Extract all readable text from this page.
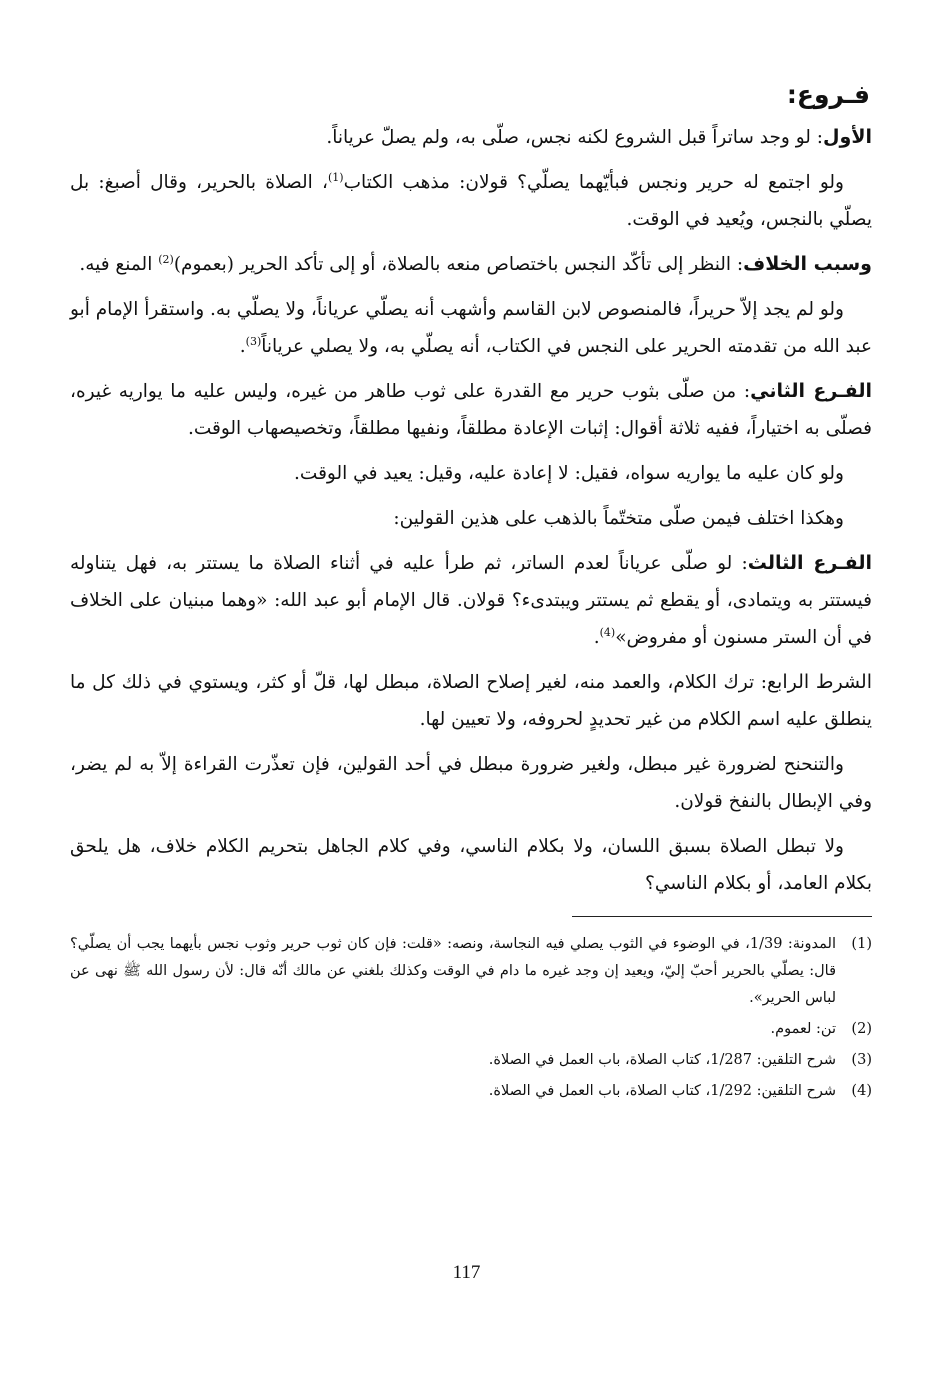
فـروع:

الأول: لو وجد ساتراً قبل الشروع لكنه نجس، صلّى به، ولم يصلّ عرياناً.

ولو اجتمع له حرير ونجس فبأيّهما يصلّي؟ قولان: مذهب الكتاب$^{(1)}$، الصلاة بالحرير، وقال أصبغ: بل يصلّي بالنجس، ويُعيد في الوقت.

وسبب الخلاف: النظر إلى تأكّد النجس باختصاص منعه بالصلاة، أو إلى تأكد الحرير (بعموم)$^{(2)}$ المنع فيه.

ولو لم يجد إلاّ حريراً، فالمنصوص لابن القاسم وأشهب أنه يصلّي عرياناً، ولا يصلّي به. واستقرأ الإمام أبو عبد الله من تقدمته الحرير على النجس في الكتاب، أنه يصلّي به، ولا يصلي عرياناً$^{(3)}$.

الفـرع الثاني: من صلّى بثوب حرير مع القدرة على ثوب طاهر من غيره، وليس عليه ما يواريه غيره، فصلّى به اختياراً، ففيه ثلاثة أقوال: إثبات الإعادة مطلقاً، ونفيها مطلقاً، وتخصيصهاب الوقت.

ولو كان عليه ما يواريه سواه، فقيل: لا إعادة عليه، وقيل: يعيد في الوقت.

وهكذا اختلف فيمن صلّى متختّماً بالذهب على هذين القولين:

الفـرع الثالث: لو صلّى عرياناً لعدم الساتر، ثم طرأ عليه في أثناء الصلاة ما يستتر به، فهل يتناوله فيستتر به ويتمادى، أو يقطع ثم يستتر ويبتدىء؟ قولان. قال الإمام أبو عبد الله: «وهما مبنيان على الخلاف في أن الستر مسنون أو مفروض»$^{(4)}$.

الشرط الرابع: ترك الكلام، والعمد منه، لغير إصلاح الصلاة، مبطل لها، قلّ أو كثر، ويستوي في ذلك كل ما ينطلق عليه اسم الكلام من غير تحديدٍ لحروفه، ولا تعيين لها.

والتنحنح لضرورة غير مبطل، ولغير ضرورة مبطل في أحد القولين، فإن تعذّرت القراءة إلاّ به لم يضر، وفي الإبطال بالنفخ قولان.

ولا تبطل الصلاة بسبق اللسان، ولا بكلام الناسي، وفي كلام الجاهل بتحريم الكلام خلاف، هل يلحق بكلام العامد، أو بكلام الناسي؟

(1)
المدونة: 1/39، في الوضوء في الثوب يصلي فيه النجاسة، ونصه: «قلت: فإن كان ثوب حرير وثوب نجس بأيهما يجب أن يصلّي؟ قال: يصلّي بالحرير أحبّ إليّ، ويعيد إن وجد غيره ما دام في الوقت وكذلك بلغني عن مالك أنّه قال: لأن رسول الله ﷺ نهى عن لباس الحرير».
(2)
تن: لعموم.
(3)
شرح التلقين: 1/287، كتاب الصلاة، باب العمل في الصلاة.
(4)
شرح التلقين: 1/292، كتاب الصلاة، باب العمل في الصلاة.
117
